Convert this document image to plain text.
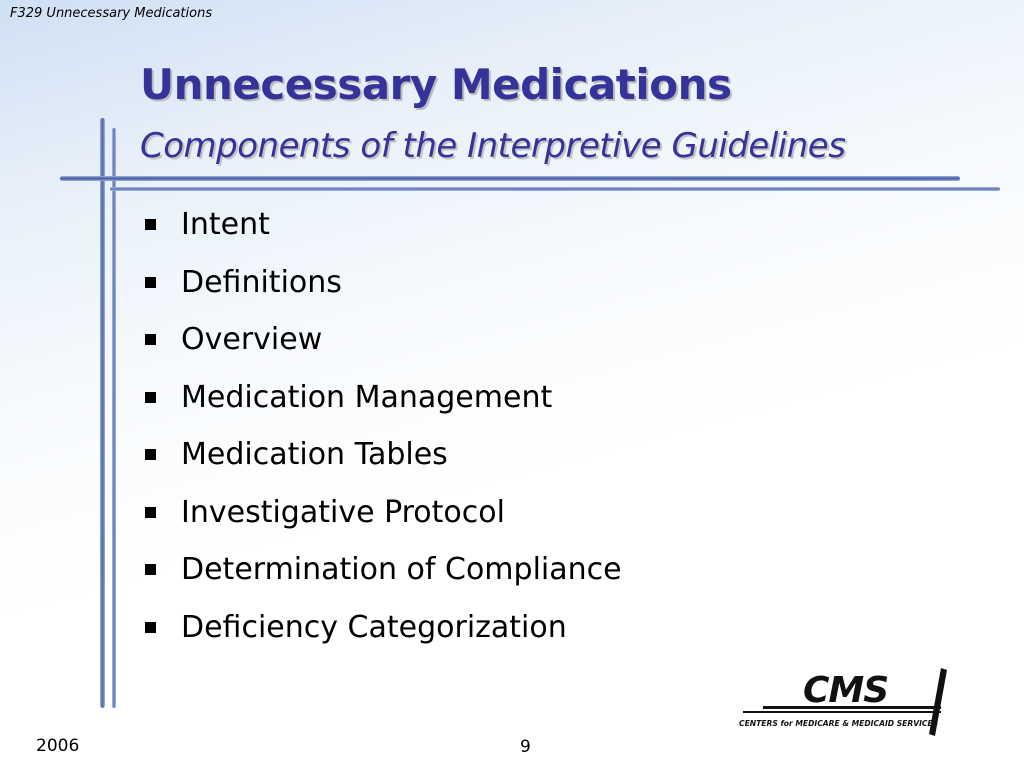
F329 Unnecessary Medications
Unnecessary Medications
Components of the Interpretive Guidelines
Intent
Definitions
Overview
Medication Management
Medication Tables
Investigative Protocol
Determination of Compliance
Deficiency Categorization
CMS
CENTERS for MEDICARE & MEDICAID SERVICES
2006	9
